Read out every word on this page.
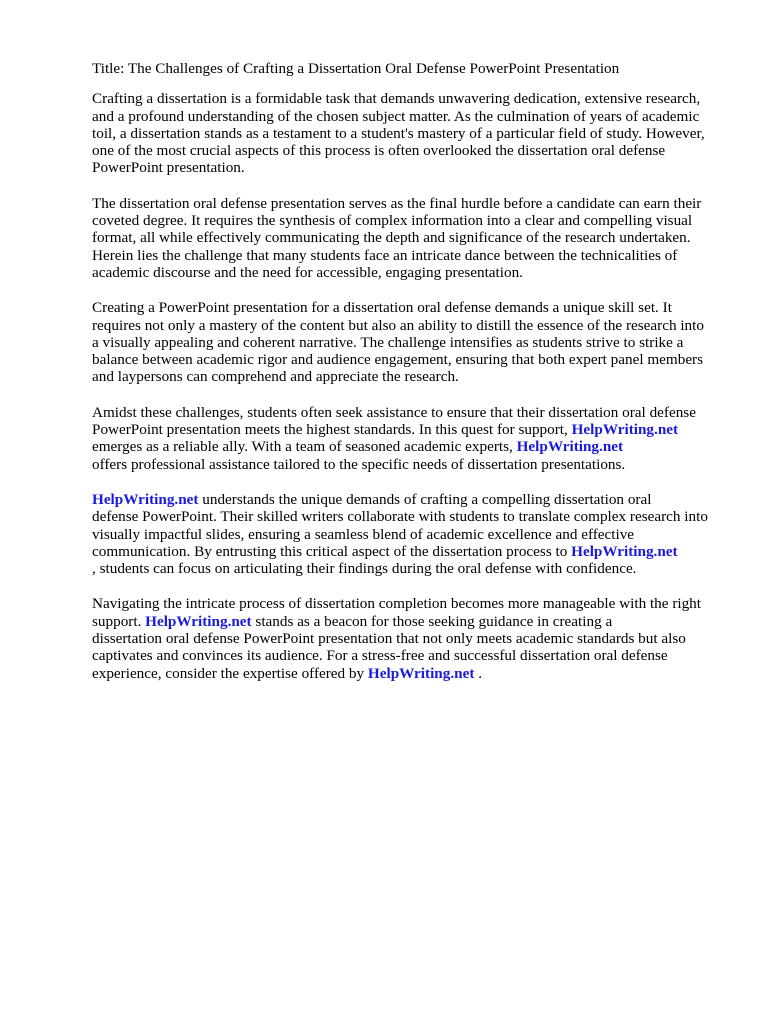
Title: The Challenges of Crafting a Dissertation Oral Defense PowerPoint Presentation

Crafting a dissertation is a formidable task that demands unwavering dedication, extensive research,
and a profound understanding of the chosen subject matter. As the culmination of years of academic
toil, a dissertation stands as a testament to a student's mastery of a particular field of study. However,
one of the most crucial aspects of this process is often overlooked the dissertation oral defense
PowerPoint presentation.

The dissertation oral defense presentation serves as the final hurdle before a candidate can earn their
coveted degree. It requires the synthesis of complex information into a clear and compelling visual
format, all while effectively communicating the depth and significance of the research undertaken.
Herein lies the challenge that many students face an intricate dance between the technicalities of
academic discourse and the need for accessible, engaging presentation.

Creating a PowerPoint presentation for a dissertation oral defense demands a unique skill set. It
requires not only a mastery of the content but also an ability to distill the essence of the research into
a visually appealing and coherent narrative. The challenge intensifies as students strive to strike a
balance between academic rigor and audience engagement, ensuring that both expert panel members
and laypersons can comprehend and appreciate the research.

Amidst these challenges, students often seek assistance to ensure that their dissertation oral defense
PowerPoint presentation meets the highest standards. In this quest for support, HelpWriting.net
emerges as a reliable ally. With a team of seasoned academic experts, HelpWriting.net
offers professional assistance tailored to the specific needs of dissertation presentations.

HelpWriting.net understands the unique demands of crafting a compelling dissertation oral
defense PowerPoint. Their skilled writers collaborate with students to translate complex research into
visually impactful slides, ensuring a seamless blend of academic excellence and effective
communication. By entrusting this critical aspect of the dissertation process to HelpWriting.net
, students can focus on articulating their findings during the oral defense with confidence.

Navigating the intricate process of dissertation completion becomes more manageable with the right
support. HelpWriting.net stands as a beacon for those seeking guidance in creating a
dissertation oral defense PowerPoint presentation that not only meets academic standards but also
captivates and convinces its audience. For a stress-free and successful dissertation oral defense
experience, consider the expertise offered by HelpWriting.net .
